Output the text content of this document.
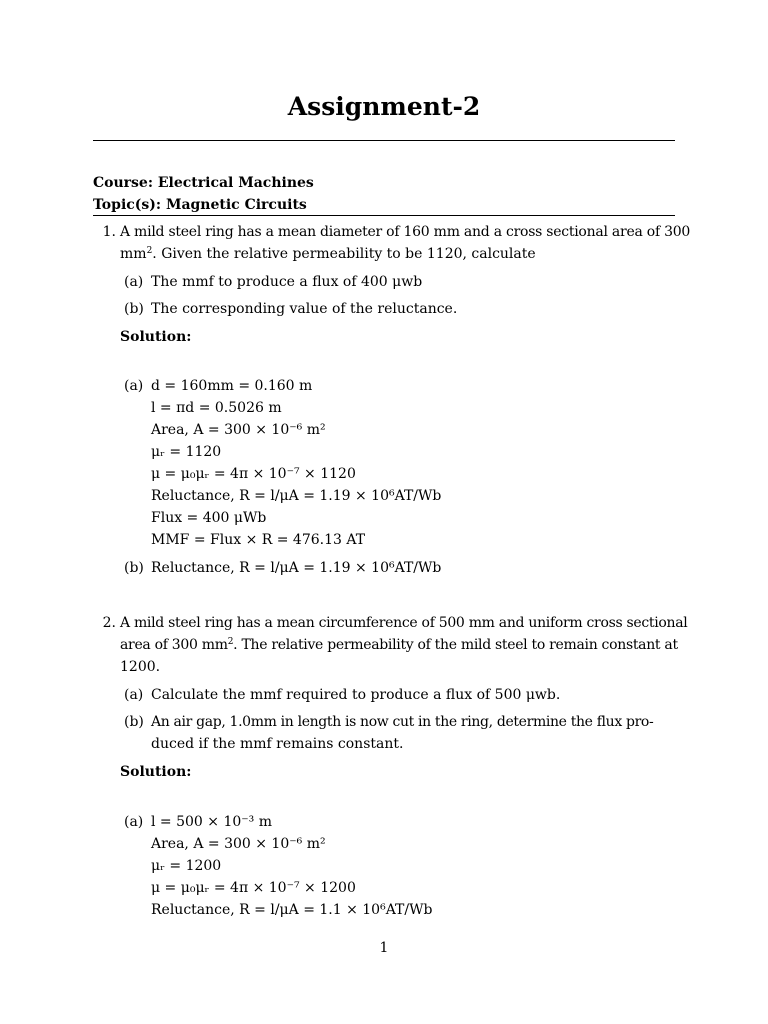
Assignment-2
Course: Electrical Machines
Topic(s): Magnetic Circuits
1. A mild steel ring has a mean diameter of 160 mm and a cross sectional area of 300
$mm^2$. Given the relative permeability to be 1120, calculate
(a) The mmf to produce a flux of 400 μwb
(b) The corresponding value of the reluctance.
Solution:
(a) d = 160mm = 0.160 m
l = πd = 0.5026 m
Area, A = 300 × 10⁻⁶ m²
μᵣ = 1120
μ = μ₀μᵣ = 4π × 10⁻⁷ × 1120
Reluctance, R = l/μA = 1.19 × 10⁶AT/Wb
Flux = 400 μWb
MMF = Flux × R = 476.13 AT
(b) Reluctance, R = l/μA = 1.19 × 10⁶AT/Wb
2. A mild steel ring has a mean circumference of 500 mm and uniform cross sectional
area of 300 $mm^2$. The relative permeability of the mild steel to remain constant at
1200.
(a) Calculate the mmf required to produce a flux of 500 μwb.
(b) An air gap, 1.0mm in length is now cut in the ring, determine the flux pro-
duced if the mmf remains constant.
Solution:
(a) l = 500 × 10⁻³ m
Area, A = 300 × 10⁻⁶ m²
μᵣ = 1200
μ = μ₀μᵣ = 4π × 10⁻⁷ × 1200
Reluctance, R = l/μA = 1.1 × 10⁶AT/Wb
1
